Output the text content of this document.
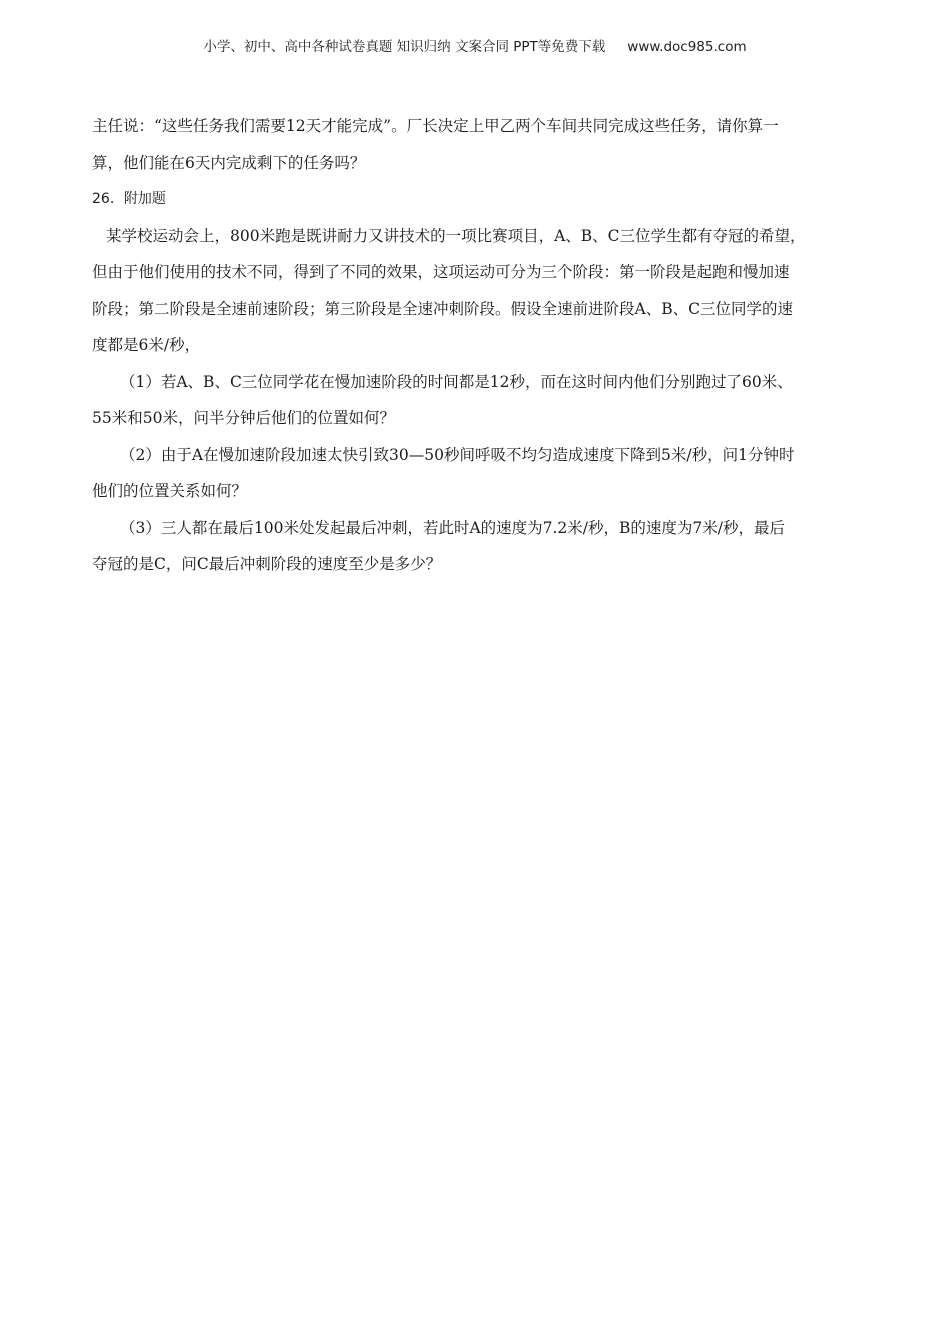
小学、初中、高中各种试卷真题 知识归纳 文案合同 PPT等免费下载 www.doc985.com
主任说：“这些任务我们需要12天才能完成”。厂长决定上甲乙两个车间共同完成这些任务，请你算一
算，他们能在6天内完成剩下的任务吗？
26．附加题
某学校运动会上，800米跑是既讲耐力又讲技术的一项比赛项目，A、B、C三位学生都有夺冠的希望，
但由于他们使用的技术不同，得到了不同的效果，这项运动可分为三个阶段：第一阶段是起跑和慢加速
阶段；第二阶段是全速前速阶段；第三阶段是全速冲刺阶段。假设全速前进阶段A、B、C三位同学的速
度都是6米/秒，
（1）若A、B、C三位同学花在慢加速阶段的时间都是12秒，而在这时间内他们分别跑过了60米、
55米和50米，问半分钟后他们的位置如何？
（2）由于A在慢加速阶段加速太快引致30—50秒间呼吸不均匀造成速度下降到5米/秒，问1分钟时
他们的位置关系如何？
（3）三人都在最后100米处发起最后冲刺，若此时A的速度为7.2米/秒，B的速度为7米/秒，最后
夺冠的是C，问C最后冲刺阶段的速度至少是多少？
